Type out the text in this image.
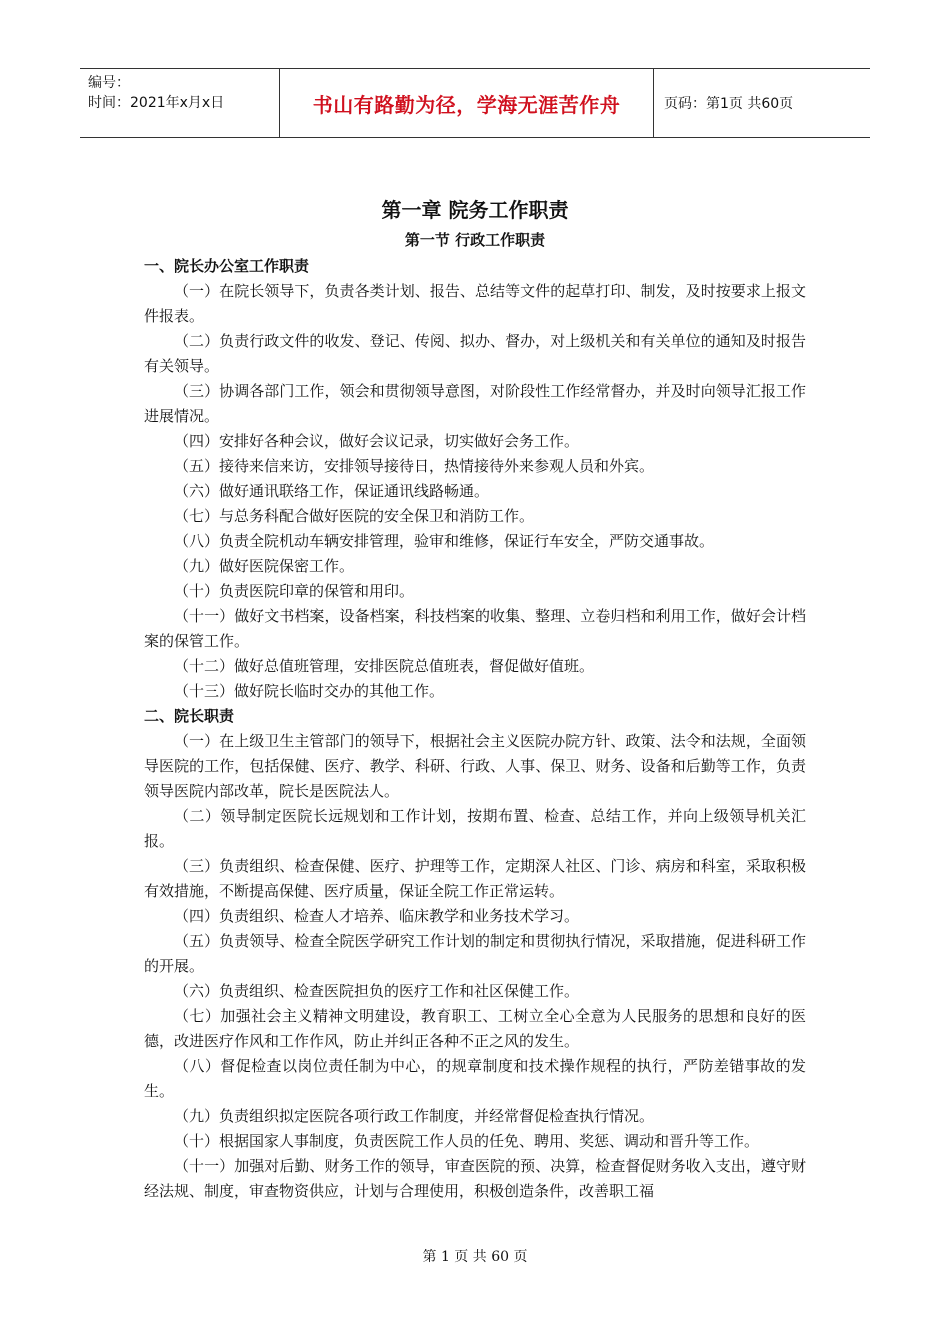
编号：
时间：2021年x月x日	书山有路勤为径，学海无涯苦作舟	页码：第1页 共60页
第一章 院务工作职责
第一节 行政工作职责
一、院长办公室工作职责

（一）在院长领导下，负责各类计划、报告、总结等文件的起草打印、制发，及时按要求上报文件报表。

（二）负责行政文件的收发、登记、传阅、拟办、督办，对上级机关和有关单位的通知及时报告有关领导。

（三）协调各部门工作，领会和贯彻领导意图，对阶段性工作经常督办，并及时向领导汇报工作进展情况。

（四）安排好各种会议，做好会议记录，切实做好会务工作。

（五）接待来信来访，安排领导接待日，热情接待外来参观人员和外宾。

（六）做好通讯联络工作，保证通讯线路畅通。

（七）与总务科配合做好医院的安全保卫和消防工作。

（八）负责全院机动车辆安排管理，验审和维修，保证行车安全，严防交通事故。

（九）做好医院保密工作。

（十）负责医院印章的保管和用印。

（十一）做好文书档案，设备档案，科技档案的收集、整理、立卷归档和利用工作，做好会计档案的保管工作。

（十二）做好总值班管理，安排医院总值班表，督促做好值班。

（十三）做好院长临时交办的其他工作。

二、院长职责

（一）在上级卫生主管部门的领导下，根据社会主义医院办院方针、政策、法令和法规，全面领导医院的工作，包括保健、医疗、教学、科研、行政、人事、保卫、财务、设备和后勤等工作，负责领导医院内部改革，院长是医院法人。

（二）领导制定医院长远规划和工作计划，按期布置、检查、总结工作，并向上级领导机关汇报。

（三）负责组织、检查保健、医疗、护理等工作，定期深人社区、门诊、病房和科室，采取积极有效措施，不断提高保健、医疗质量，保证全院工作正常运转。

（四）负责组织、检查人才培养、临床教学和业务技术学习。

（五）负责领导、检查全院医学研究工作计划的制定和贯彻执行情况，采取措施，促进科研工作的开展。

（六）负责组织、检查医院担负的医疗工作和社区保健工作。

（七）加强社会主义精神文明建设，教育职工、工树立全心全意为人民服务的思想和良好的医德，改进医疗作风和工作作风，防止并纠正各种不正之风的发生。

（八）督促检查以岗位责任制为中心，的规章制度和技术操作规程的执行，严防差错事故的发生。

（九）负责组织拟定医院各项行政工作制度，并经常督促检查执行情况。

（十）根据国家人事制度，负责医院工作人员的任免、聘用、奖惩、调动和晋升等工作。

（十一）加强对后勤、财务工作的领导，审查医院的预、决算，检查督促财务收入支出，遵守财经法规、制度，审查物资供应，计划与合理使用，积极创造条件，改善职工福

第 1 页 共 60 页
